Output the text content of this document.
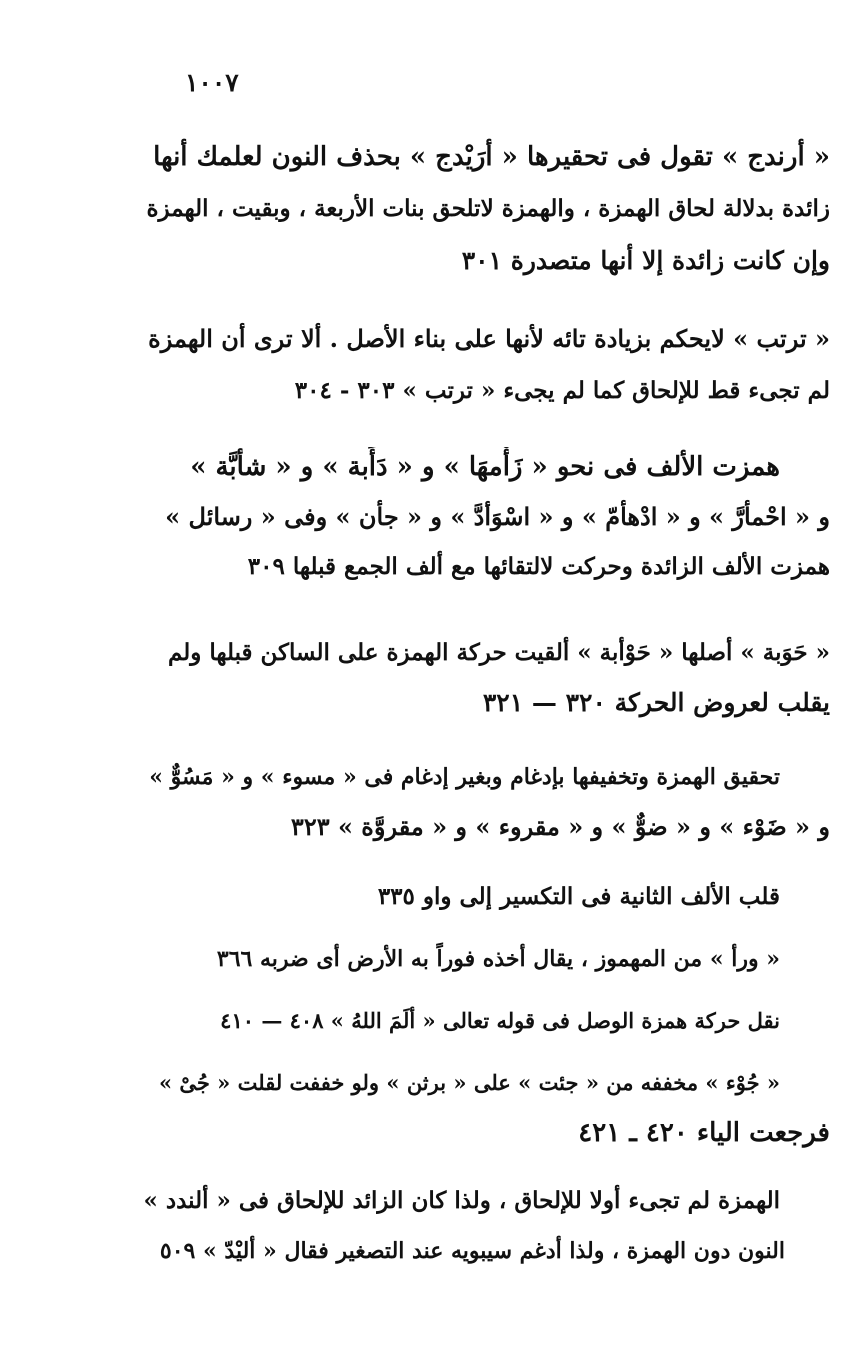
١٠٠٧
« أرندج » تقول فى تحقيرها « أرَيْدج » بحذف النون لعلمك أنها
زائدة بدلالة لحاق الهمزة ، والهمزة لاتلحق بنات الأربعة ، وبقيت ، الهمزة
وإن كانت زائدة إلا أنها متصدرة ٣٠١
« ترتب » لايحكم بزيادة تائه لأنها على بناء الأصل . ألا ترى أن الهمزة
لم تجىء قط للإلحاق كما لم يجىء « ترتب » ٣٠٣ - ٣٠٤
همزت الألف فى نحو « زَأْمهَا » و « دَأَبة » و « شأبَّة »
و « احْمأرَّ » و « ادْهأمّ » و « اسْوَأدَّ » و « جأن » وفى « رسائل »
همزت الألف الزائدة وحركت لالتقائها مع ألف الجمع قبلها ٣٠٩
« حَوَبة » أصلها « حَوْأبة » ألقيت حركة الهمزة على الساكن قبلها ولم
يقلب لعروض الحركة ٣٢٠ — ٣٢١
تحقيق الهمزة وتخفيفها بإدغام وبغير إدغام فى « مسوء » و « مَسُوٌّ »
و « ضَوْء » و « ضوٌّ » و « مقروء » و « مقروَّة » ٣٢٣
قلب الألف الثانية فى التكسير إلى واو ٣٣٥
« ورأ » من المهموز ، يقال أخذه فوراً به الأرض أى ضربه ٣٦٦
نقل حركة همزة الوصل فى قوله تعالى « ألَمَ اللهُ » ٤٠٨ — ٤١٠
« جُوْء » مخففه من « جئت » على « برثن » ولو خففت لقلت « جُىْ »
فرجعت الياء ٤٢٠ ـ ٤٢١
الهمزة لم تجىء أولا للإلحاق ، ولذا كان الزائد للإلحاق فى « ألندد »
النون دون الهمزة ، ولذا أدغم سيبويه عند التصغير فقال « أليْدّ » ٥٠٩
